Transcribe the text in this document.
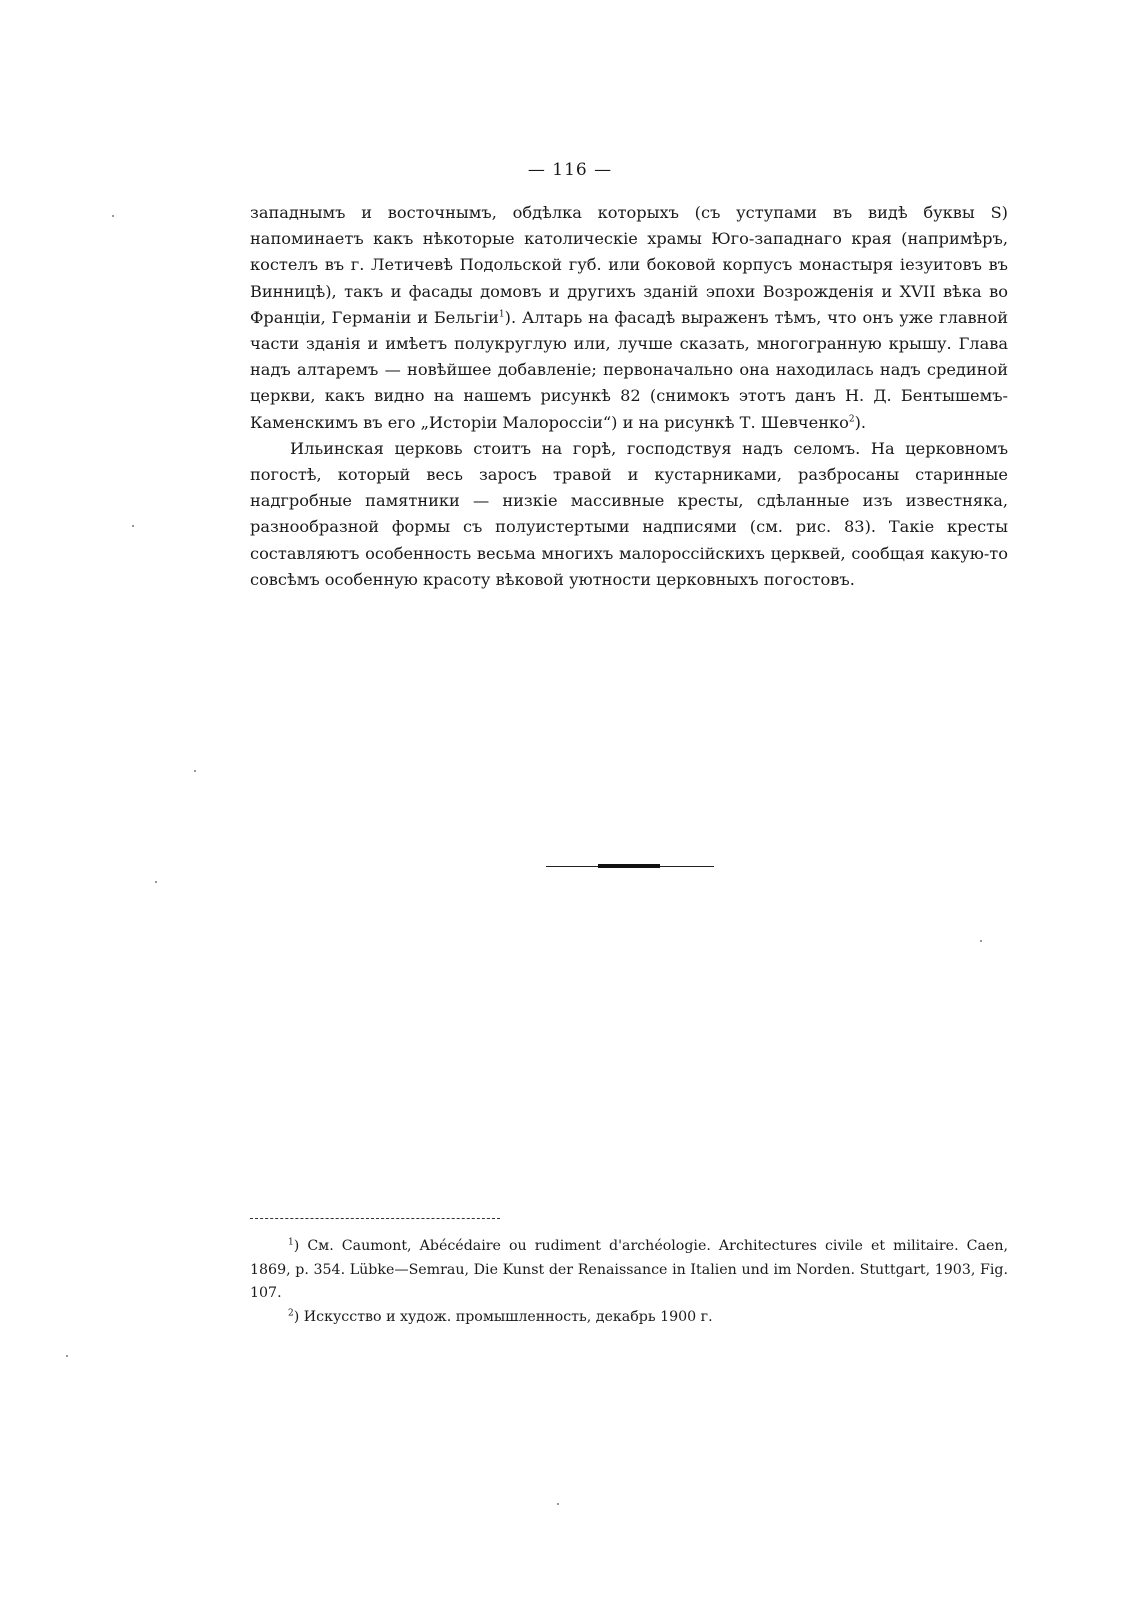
— 116 —

западнымъ и восточнымъ, обдѣлка которыхъ (съ уступами въ видѣ буквы S) напоминаетъ какъ нѣкоторые католическіе храмы Юго-западнаго края (напримѣръ, костелъ въ г. Летичевѣ Подольской губ. или боковой корпусъ монастыря іезуитовъ въ Винницѣ), такъ и фасады домовъ и другихъ зданій эпохи Возрожденія и XVII вѣка во Франціи, Германіи и Бельгіи$^1$). Алтарь на фасадѣ выраженъ тѣмъ, что онъ уже главной части зданія и имѣетъ полукруглую или, лучше сказать, многогранную крышу. Глава надъ алтаремъ — новѣйшее добавленіе; первоначально она находилась надъ срединой церкви, какъ видно на нашемъ рисункѣ 82 (снимокъ этотъ данъ Н. Д. Бентышемъ-Каменскимъ въ его „Исторіи Малороссіи“) и на рисункѣ Т. Шевченко$^2$).

Ильинская церковь стоитъ на горѣ, господствуя надъ селомъ. На церковномъ погостѣ, который весь заросъ травой и кустарниками, разбросаны старинные надгробные памятники — низкіе массивные кресты, сдѣланные изъ известняка, разнообразной формы съ полуистертыми надписями (см. рис. 83). Такіе кресты составляютъ особенность весьма многихъ малороссійскихъ церквей, сообщая какую-то совсѣмъ особенную красоту вѣковой уютности церковныхъ погостовъ.

$^1$) См. Caumont, Abécédaire ou rudiment d'archéologie. Architectures civile et militaire. Caen, 1869, p. 354. Lübke—Semrau, Die Kunst der Renaissance in Italien und im Norden. Stuttgart, 1903, Fig. 107.

$^2$) Искусство и худож. промышленность, декабрь 1900 г.
